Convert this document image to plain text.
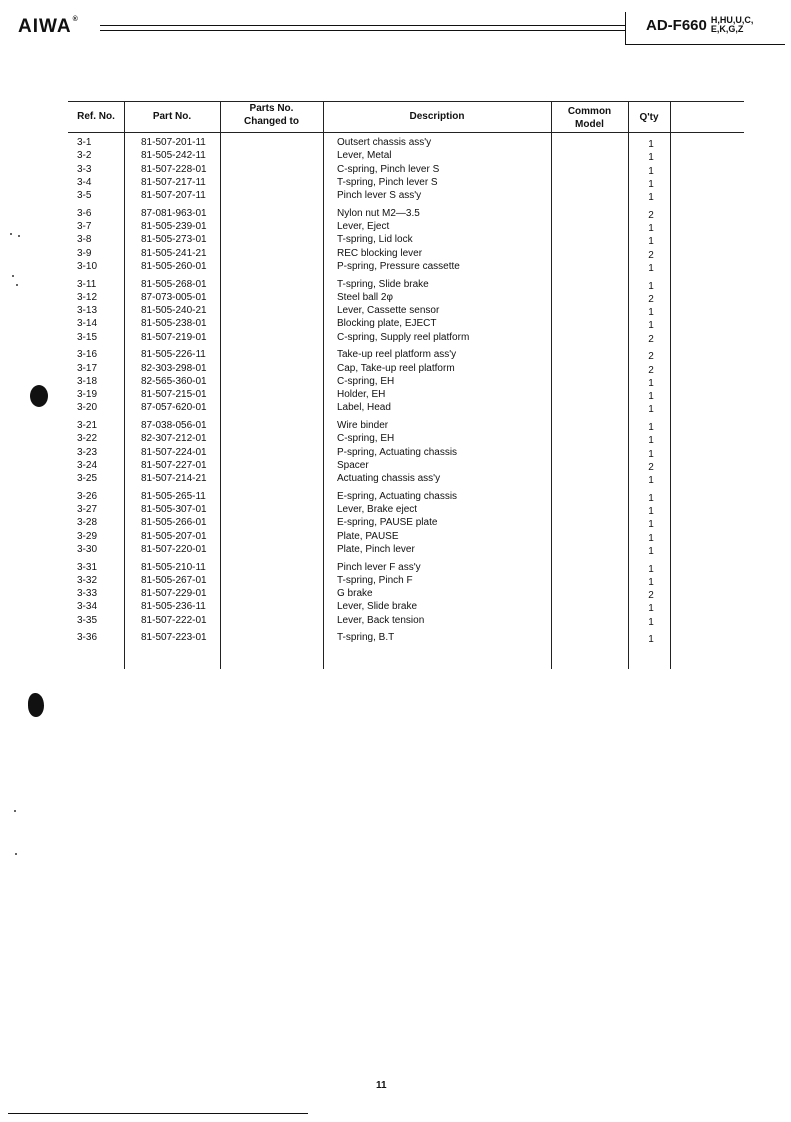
AIWA®	AD-F660 H,HU,U,C,
E,K,G,Z
Ref. No.	Part No.
Parts No.
Changed to	Description	Common
Model
Q'ty
3-1	81-507-201-11	Outsert chassis ass'y	1
3-2	81-505-242-11	Lever, Metal	1
3-3	81-507-228-01	C-spring, Pinch lever S	1
3-4	81-507-217-11	T-spring, Pinch lever S	1
3-5	81-507-207-11	Pinch lever S ass'y	1
3-6	87-081-963-01	Nylon nut M2—3.5	2
3-7	81-505-239-01	Lever, Eject	1
3-8	81-505-273-01	T-spring, Lid lock	1
3-9	81-505-241-21	REC blocking lever	2
3-10	81-505-260-01	P-spring, Pressure cassette	1
3-11	81-505-268-01	T-spring, Slide brake	1
3-12	87-073-005-01	Steel ball 2φ	2
3-13	81-505-240-21	Lever, Cassette sensor	1
3-14	81-505-238-01	Blocking plate, EJECT	1
3-15	81-507-219-01	C-spring, Supply reel platform	2
3-16	81-505-226-11	Take-up reel platform ass'y	2
3-17	82-303-298-01	Cap, Take-up reel platform	2
3-18	82-565-360-01	C-spring, EH	1
3-19	81-507-215-01	Holder, EH	1
3-20	87-057-620-01	Label, Head	1
3-21	87-038-056-01	Wire binder	1
3-22	82-307-212-01	C-spring, EH	1
3-23	81-507-224-01	P-spring, Actuating chassis	1
3-24	81-507-227-01	Spacer	2
3-25	81-507-214-21	Actuating chassis ass'y	1
3-26	81-505-265-11	E-spring, Actuating chassis	1
3-27	81-505-307-01	Lever, Brake eject	1
3-28	81-505-266-01	E-spring, PAUSE plate	1
3-29	81-505-207-01	Plate, PAUSE	1
3-30	81-507-220-01	Plate, Pinch lever	1
3-31	81-505-210-11	Pinch lever F ass'y	1
3-32	81-505-267-01	T-spring, Pinch F	1
3-33	81-507-229-01	G brake	2
3-34	81-505-236-11	Lever, Slide brake	1
3-35	81-507-222-01	Lever, Back tension	1
3-36	81-507-223-01	T-spring, B.T	1
11
